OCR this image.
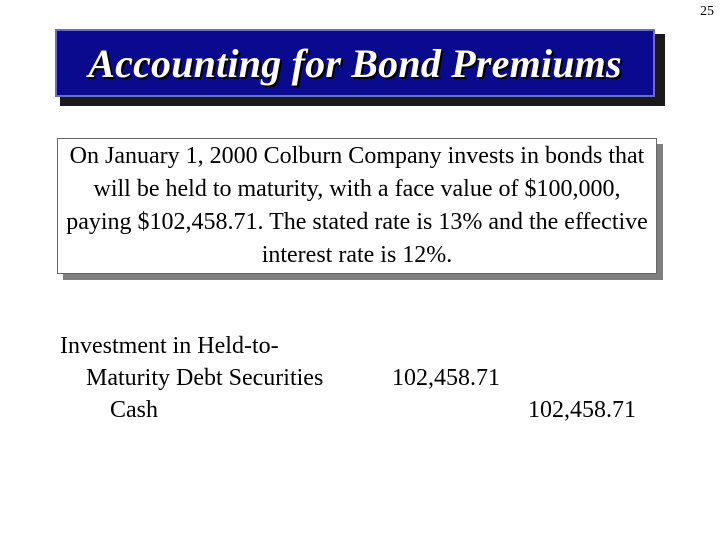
25
Accounting for Bond Premiums
On January 1, 2000 Colburn Company invests in bonds that will be held to maturity, with a face value of $100,000, paying $102,458.71. The stated rate is 13% and the effective interest rate is 12%.
Investment in Held-to-
Maturity Debt Securities	102,458.71
Cash	102,458.71
